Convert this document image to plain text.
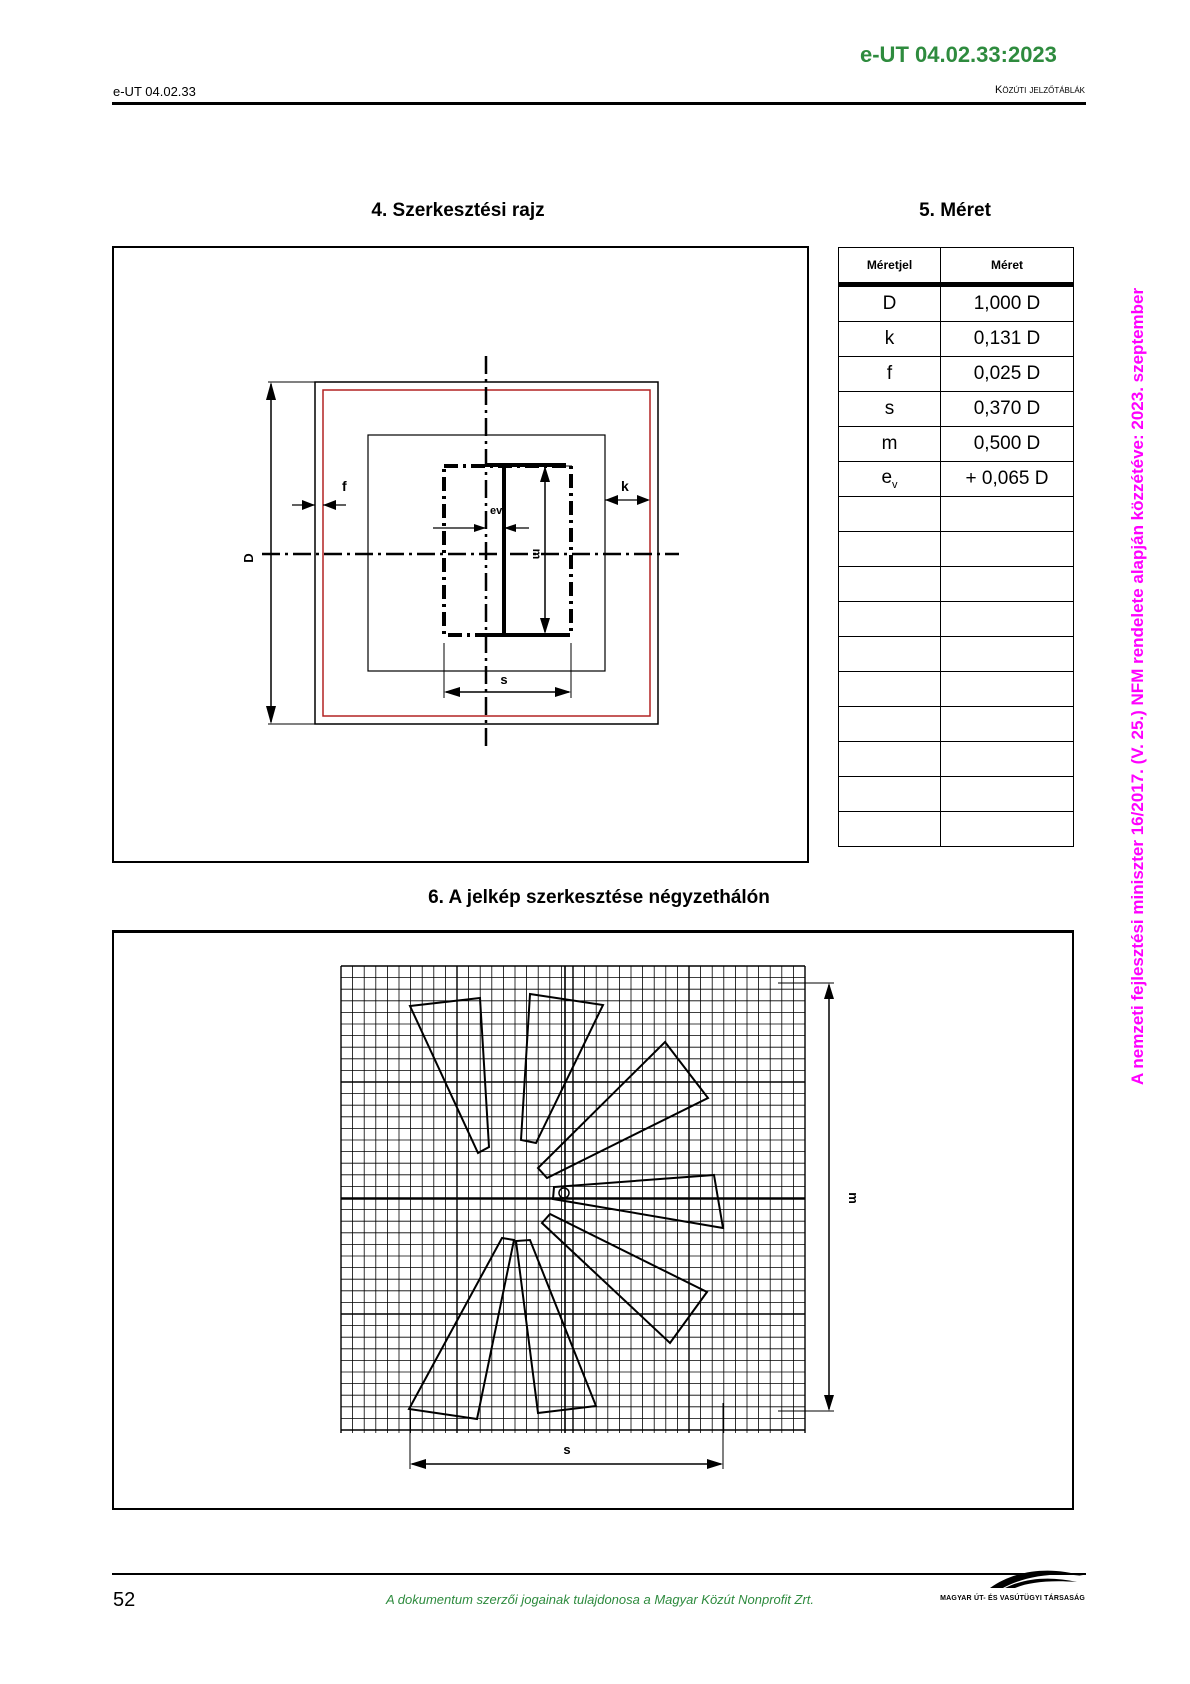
e-UT 04.02.33:2023
e-UT 04.02.33	Közúti jelzőtáblák
4. Szerkesztési rajz	5. Méret
D
f	k
ev
m
s
Méretjel	Méret
D	1,000 D
k	0,131 D
f	0,025 D
s	0,370 D
m	0,500 D
$e_v$	+ 0,065 D

6. A jelkép szerkesztése négyzethálón
m
s
A nemzeti fejlesztési miniszter 16/2017. (V. 25.) NFM rendelete alapján közzétéve: 2023. szeptember
52	A dokumentum szerzői jogainak tulajdonosa a Magyar Közút Nonprofit Zrt.	MAGYAR ÚT- ÉS VASÚTÜGYI TÁRSASÁG
